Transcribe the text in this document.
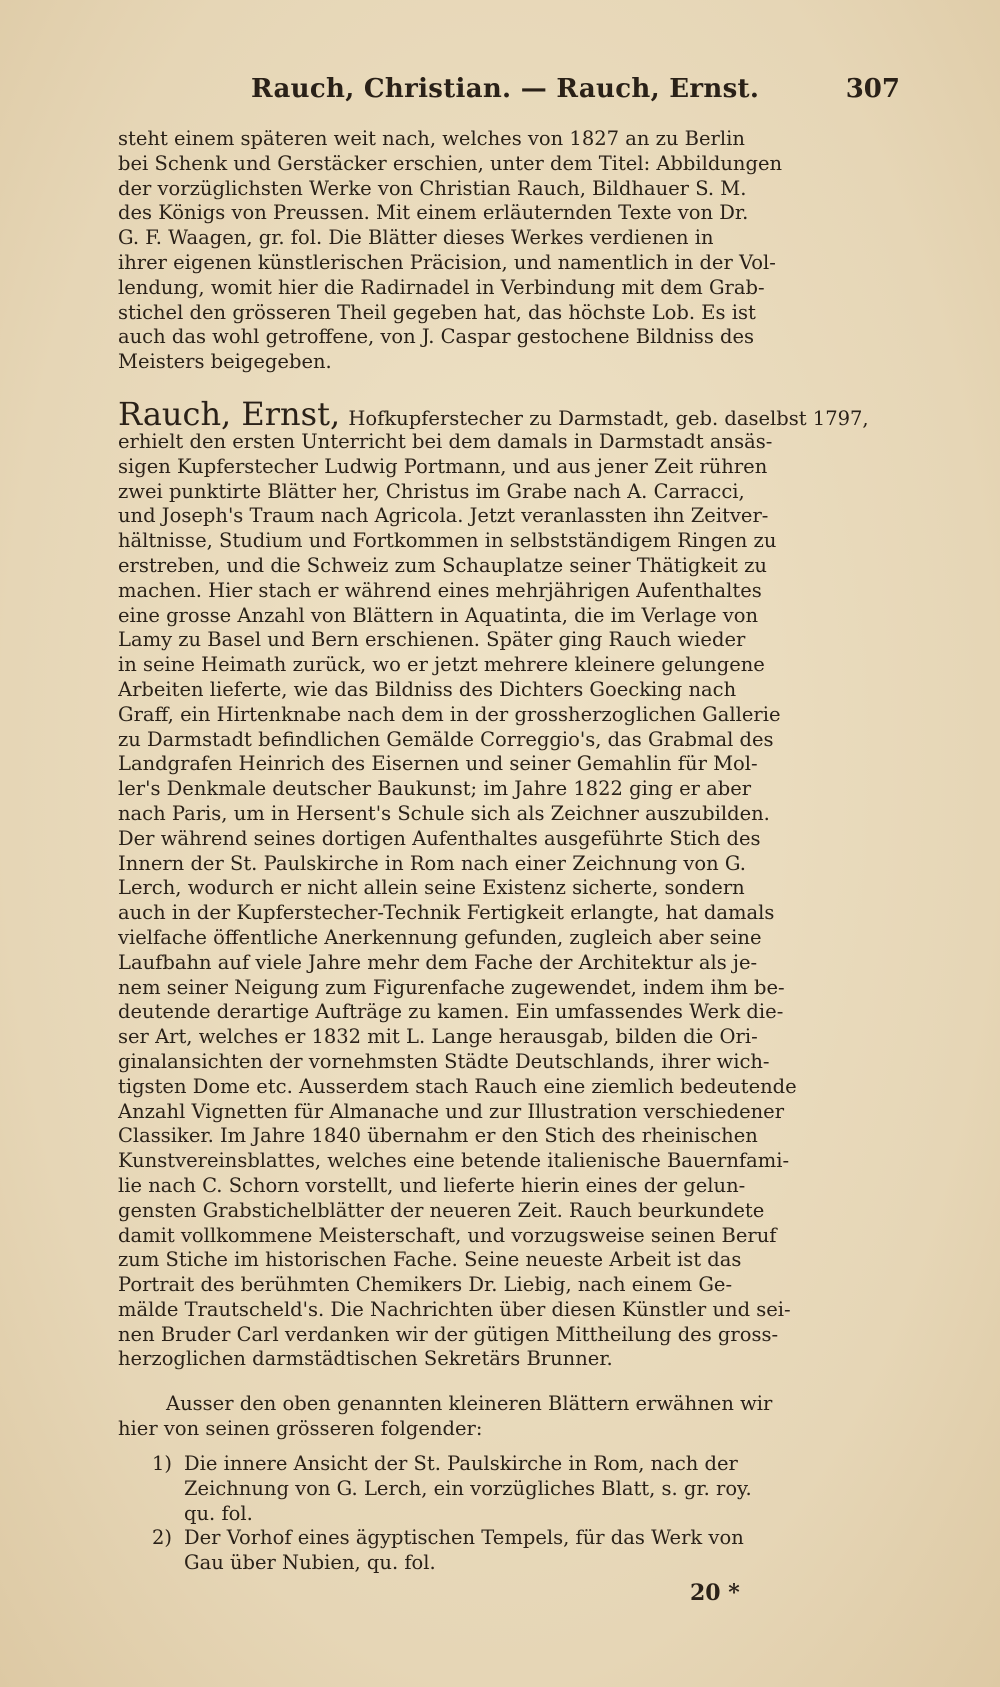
Rauch, Christian. — Rauch, Ernst.	307
steht einem späteren weit nach, welches von 1827 an zu Berlin
bei Schenk und Gerstäcker erschien, unter dem Titel: Abbildungen
der vorzüglichsten Werke von Christian Rauch, Bildhauer S. M.
des Königs von Preussen. Mit einem erläuternden Texte von Dr.
G. F. Waagen, gr. fol. Die Blätter dieses Werkes verdienen in
ihrer eigenen künstlerischen Präcision, und namentlich in der Vol-
lendung, womit hier die Radirnadel in Verbindung mit dem Grab-
stichel den grösseren Theil gegeben hat, das höchste Lob. Es ist
auch das wohl getroffene, von J. Caspar gestochene Bildniss des
Meisters beigegeben.
Rauch, Ernst, Hofkupferstecher zu Darmstadt, geb. daselbst 1797,
erhielt den ersten Unterricht bei dem damals in Darmstadt ansäs-
sigen Kupferstecher Ludwig Portmann, und aus jener Zeit rühren
zwei punktirte Blätter her, Christus im Grabe nach A. Carracci,
und Joseph's Traum nach Agricola. Jetzt veranlassten ihn Zeitver-
hältnisse, Studium und Fortkommen in selbstständigem Ringen zu
erstreben, und die Schweiz zum Schauplatze seiner Thätigkeit zu
machen. Hier stach er während eines mehrjährigen Aufenthaltes
eine grosse Anzahl von Blättern in Aquatinta, die im Verlage von
Lamy zu Basel und Bern erschienen. Später ging Rauch wieder
in seine Heimath zurück, wo er jetzt mehrere kleinere gelungene
Arbeiten lieferte, wie das Bildniss des Dichters Goecking nach
Graff, ein Hirtenknabe nach dem in der grossherzoglichen Gallerie
zu Darmstadt befindlichen Gemälde Correggio's, das Grabmal des
Landgrafen Heinrich des Eisernen und seiner Gemahlin für Mol-
ler's Denkmale deutscher Baukunst; im Jahre 1822 ging er aber
nach Paris, um in Hersent's Schule sich als Zeichner auszubilden.
Der während seines dortigen Aufenthaltes ausgeführte Stich des
Innern der St. Paulskirche in Rom nach einer Zeichnung von G.
Lerch, wodurch er nicht allein seine Existenz sicherte, sondern
auch in der Kupferstecher-Technik Fertigkeit erlangte, hat damals
vielfache öffentliche Anerkennung gefunden, zugleich aber seine
Laufbahn auf viele Jahre mehr dem Fache der Architektur als je-
nem seiner Neigung zum Figurenfache zugewendet, indem ihm be-
deutende derartige Aufträge zu kamen. Ein umfassendes Werk die-
ser Art, welches er 1832 mit L. Lange herausgab, bilden die Ori-
ginalansichten der vornehmsten Städte Deutschlands, ihrer wich-
tigsten Dome etc. Ausserdem stach Rauch eine ziemlich bedeutende
Anzahl Vignetten für Almanache und zur Illustration verschiedener
Classiker. Im Jahre 1840 übernahm er den Stich des rheinischen
Kunstvereinsblattes, welches eine betende italienische Bauernfami-
lie nach C. Schorn vorstellt, und lieferte hierin eines der gelun-
gensten Grabstichelblätter der neueren Zeit. Rauch beurkundete
damit vollkommene Meisterschaft, und vorzugsweise seinen Beruf
zum Stiche im historischen Fache. Seine neueste Arbeit ist das
Portrait des berühmten Chemikers Dr. Liebig, nach einem Ge-
mälde Trautscheld's. Die Nachrichten über diesen Künstler und sei-
nen Bruder Carl verdanken wir der gütigen Mittheilung des gross-
herzoglichen darmstädtischen Sekretärs Brunner.
Ausser den oben genannten kleineren Blättern erwähnen wir
hier von seinen grösseren folgender:
1) Die innere Ansicht der St. Paulskirche in Rom, nach der
Zeichnung von G. Lerch, ein vorzügliches Blatt, s. gr. roy.
qu. fol.
2) Der Vorhof eines ägyptischen Tempels, für das Werk von
Gau über Nubien, qu. fol.
20 *
